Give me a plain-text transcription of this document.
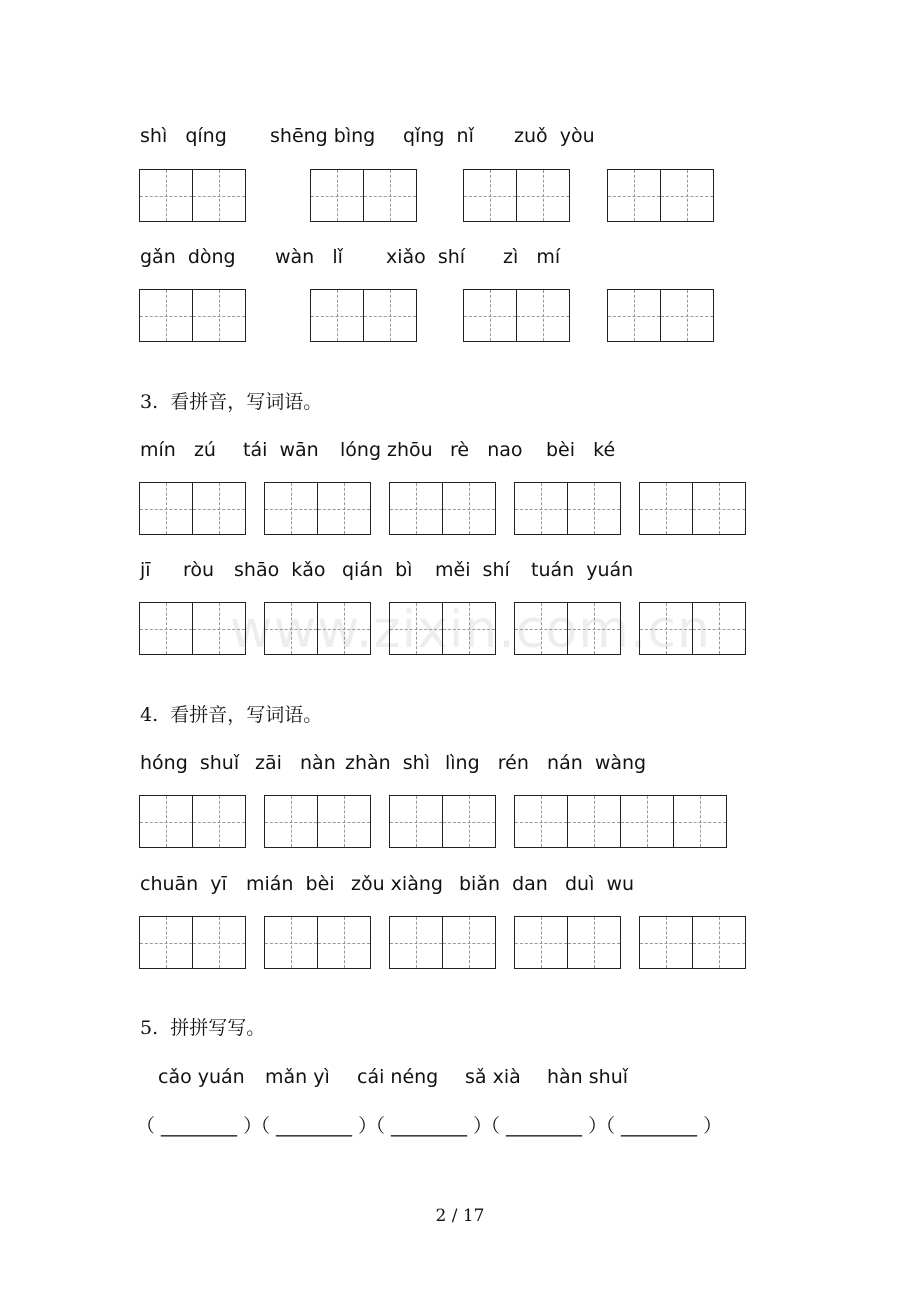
www.zixin.com.cn
shì   qíng shēng bìng qǐng  nǐ zuǒ  yòu
gǎn  dòng wàn   lǐ xiǎo  shí zì   mí
3.  看拼音，写词语。
mín   zú tái  wān lóng zhōu rè   nao bèi   ké
jī ròu shāo  kǎo qián  bì měi  shí tuán  yuán
4.  看拼音，写词语。
hóng  shuǐ zāi   nàn zhàn  shì lìng   rén   nán  wàng
chuān  yī mián  bèi zǒu xiàng biǎn  dan duì  wu
5.  拼拼写写。
cǎo yuán mǎn yì cái néng sǎ xià hàn shuǐ
（ ________ ）
（ ________ ）
（ ________ ）
（ ________ ）
（ ________ ）
2 / 17
